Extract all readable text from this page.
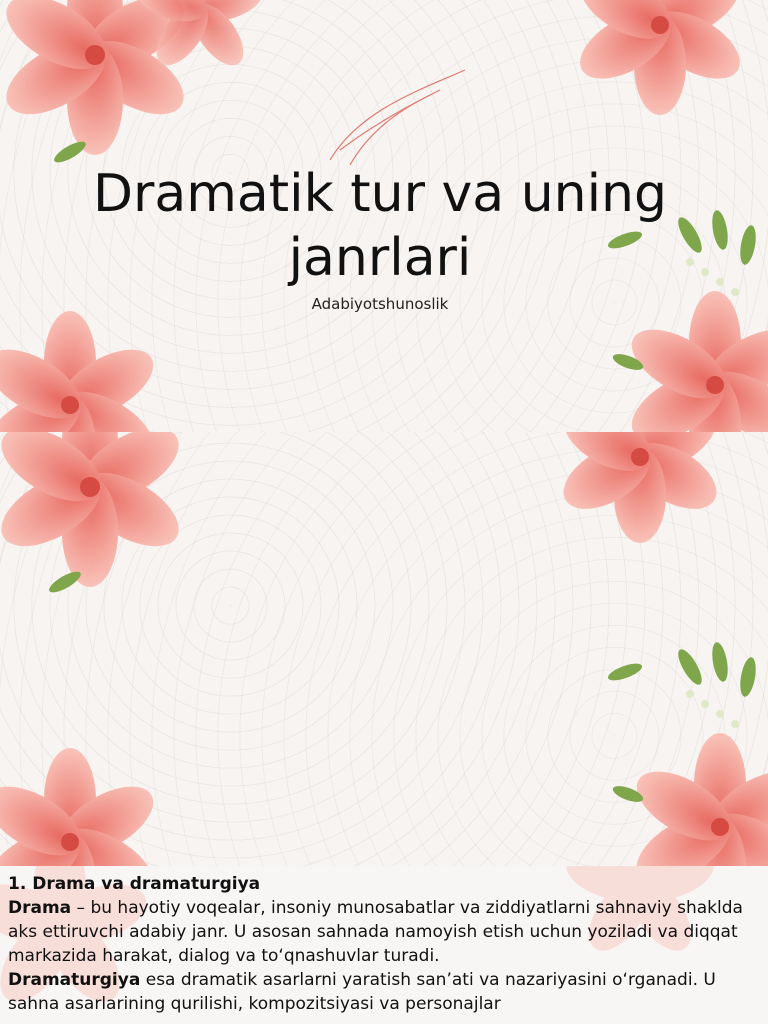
Dramatik tur va uning janrlari
Adabiyotshunoslik

1. Drama va dramaturgiya

Drama – bu hayotiy voqealar, insoniy munosabatlar va ziddiyatlarni sahnaviy shaklda aks ettiruvchi adabiy janr. U asosan sahnada namoyish etish uchun yoziladi va diqqat markazida harakat, dialog va to‘qnashuvlar turadi.

Dramaturgiya esa dramatik asarlarni yaratish san’ati va nazariyasini o‘rganadi. U sahna asarlarining qurilishi, kompozitsiyasi va personajlar
